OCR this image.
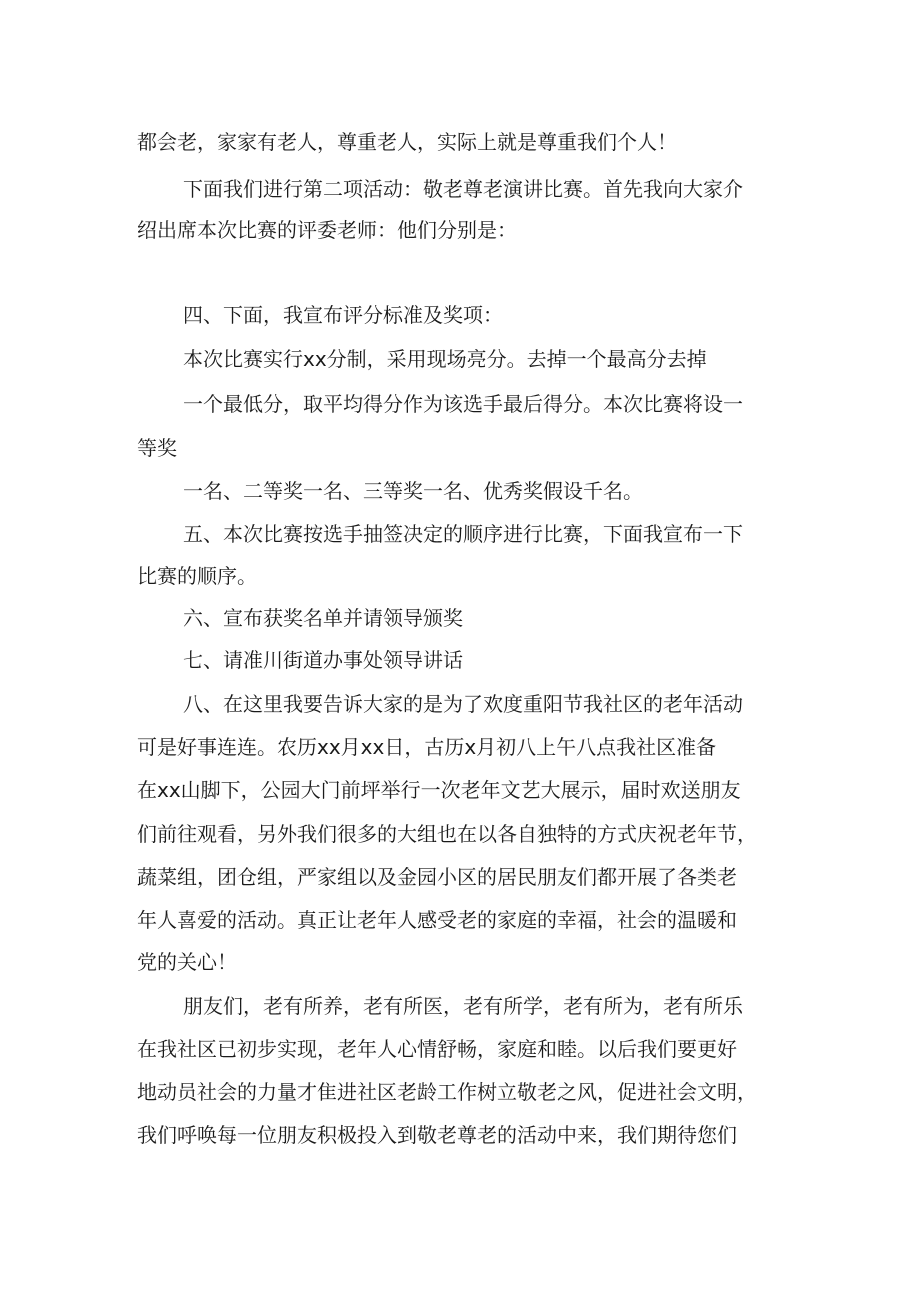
都会老，家家有老人，尊重老人，实际上就是尊重我们个人！
下面我们进行第二项活动：敬老尊老演讲比赛。首先我向大家介
绍出席本次比赛的评委老师：他们分别是：
四、下面，我宣布评分标准及奖项：
本次比赛实行xx分制，采用现场亮分。去掉一个最高分去掉
一个最低分，取平均得分作为该选手最后得分。本次比赛将设一
等奖
一名、二等奖一名、三等奖一名、优秀奖假设千名。
五、本次比赛按选手抽签决定的顺序进行比赛，下面我宣布一下
比赛的顺序。
六、宣布获奖名单并请领导颁奖
七、请准川街道办事处领导讲话
八、在这里我要告诉大家的是为了欢度重阳节我社区的老年活动
可是好事连连。农历xx月xx日，古历x月初八上午八点我社区准备
在xx山脚下，公园大门前坪举行一次老年文艺大展示，届时欢送朋友
们前往观看，另外我们很多的大组也在以各自独特的方式庆祝老年节，
蔬菜组，团仓组，严家组以及金园小区的居民朋友们都开展了各类老
年人喜爱的活动。真正让老年人感受老的家庭的幸福，社会的温暖和
党的关心！
朋友们，老有所养，老有所医，老有所学，老有所为，老有所乐
在我社区已初步实现，老年人心情舒畅，家庭和睦。以后我们要更好
地动员社会的力量才隹进社区老龄工作树立敬老之风，促进社会文明，
我们呼唤每一位朋友积极投入到敬老尊老的活动中来，我们期待您们
